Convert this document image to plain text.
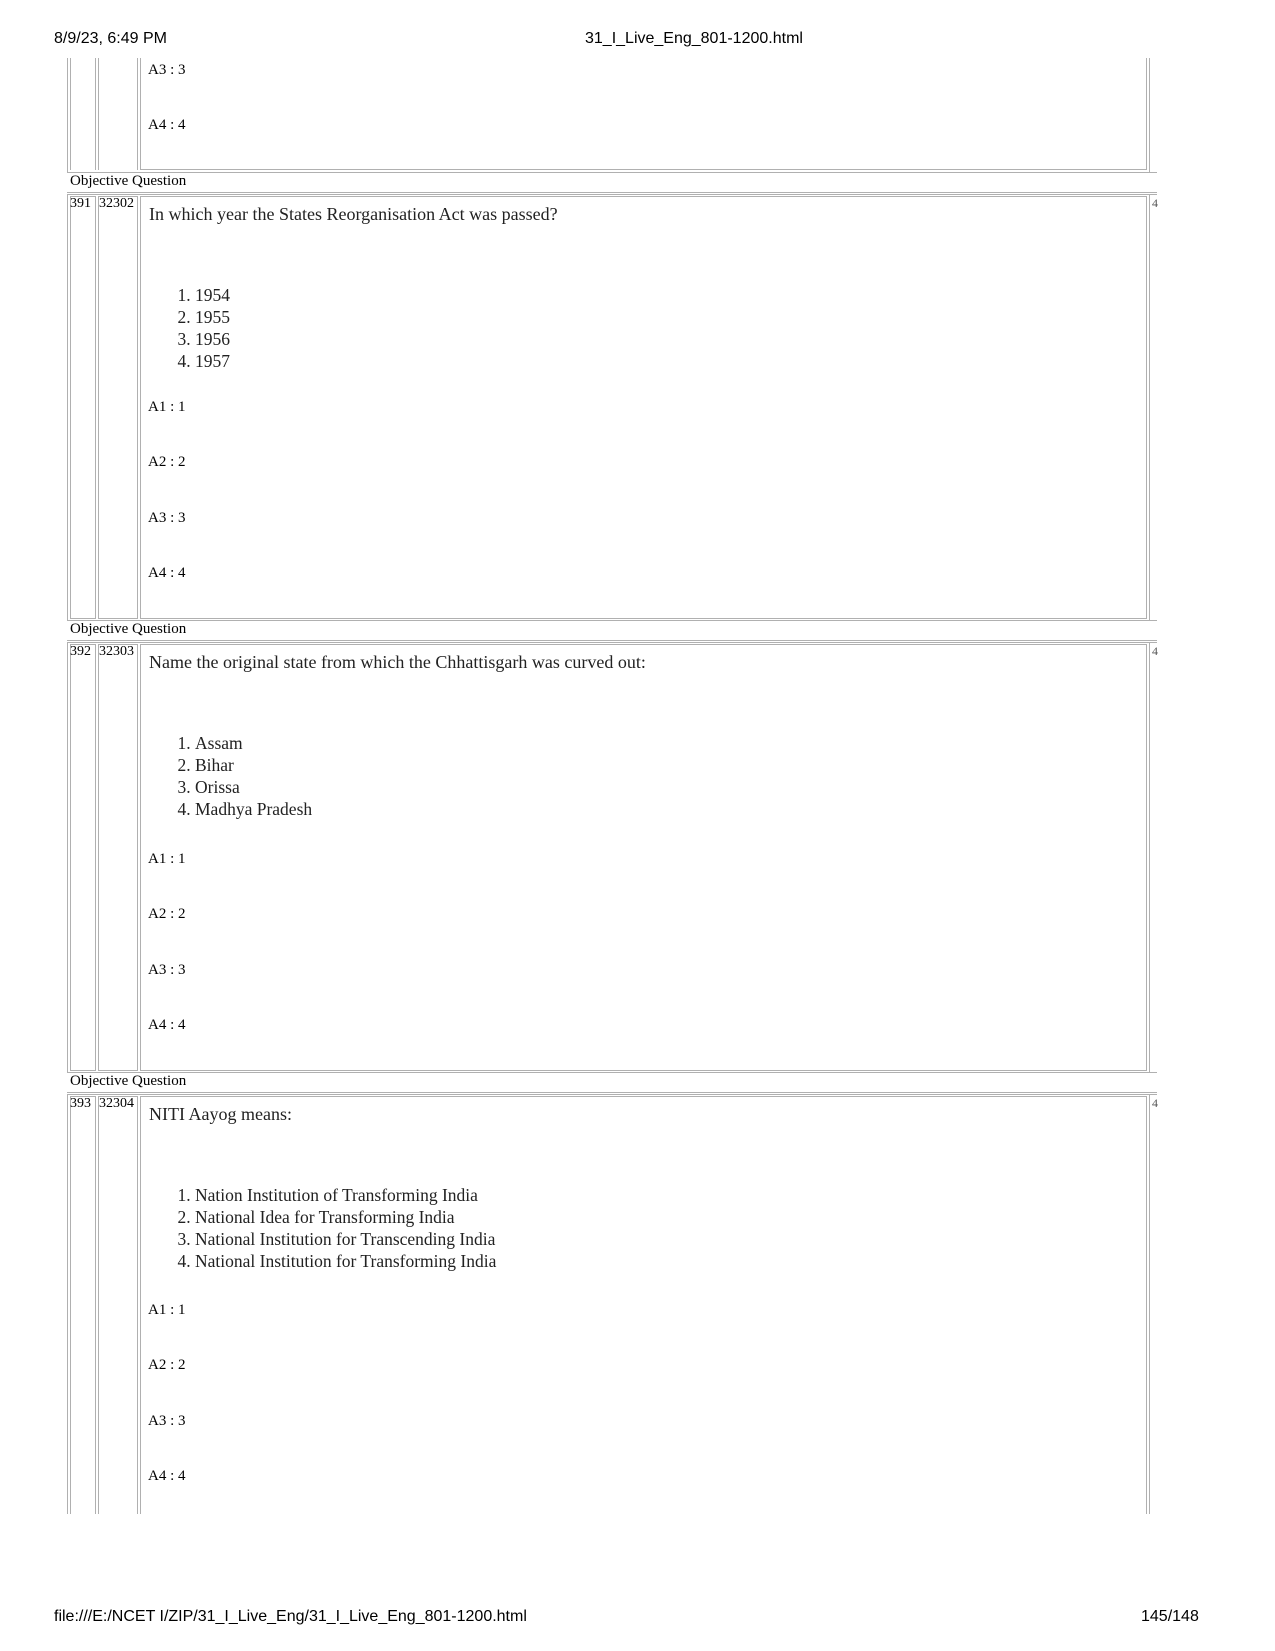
8/9/23, 6:49 PM	31_I_Live_Eng_801-1200.html
A3 : 3
A4 : 4
Objective Question
391 32302	4
In which year the States Reorganisation Act was passed?
1. 1954
2. 1955
3. 1956
4. 1957
A1 : 1
A2 : 2
A3 : 3
A4 : 4
Objective Question
392 32303	4
Name the original state from which the Chhattisgarh was curved out:
1. Assam
2. Bihar
3. Orissa
4. Madhya Pradesh
A1 : 1
A2 : 2
A3 : 3
A4 : 4
Objective Question
393 32304	4
NITI Aayog means:
1. Nation Institution of Transforming India
2. National Idea for Transforming India
3. National Institution for Transcending India
4. National Institution for Transforming India
A1 : 1
A2 : 2
A3 : 3
A4 : 4
file:///E:/NCET I/ZIP/31_I_Live_Eng/31_I_Live_Eng_801-1200.html	145/148
